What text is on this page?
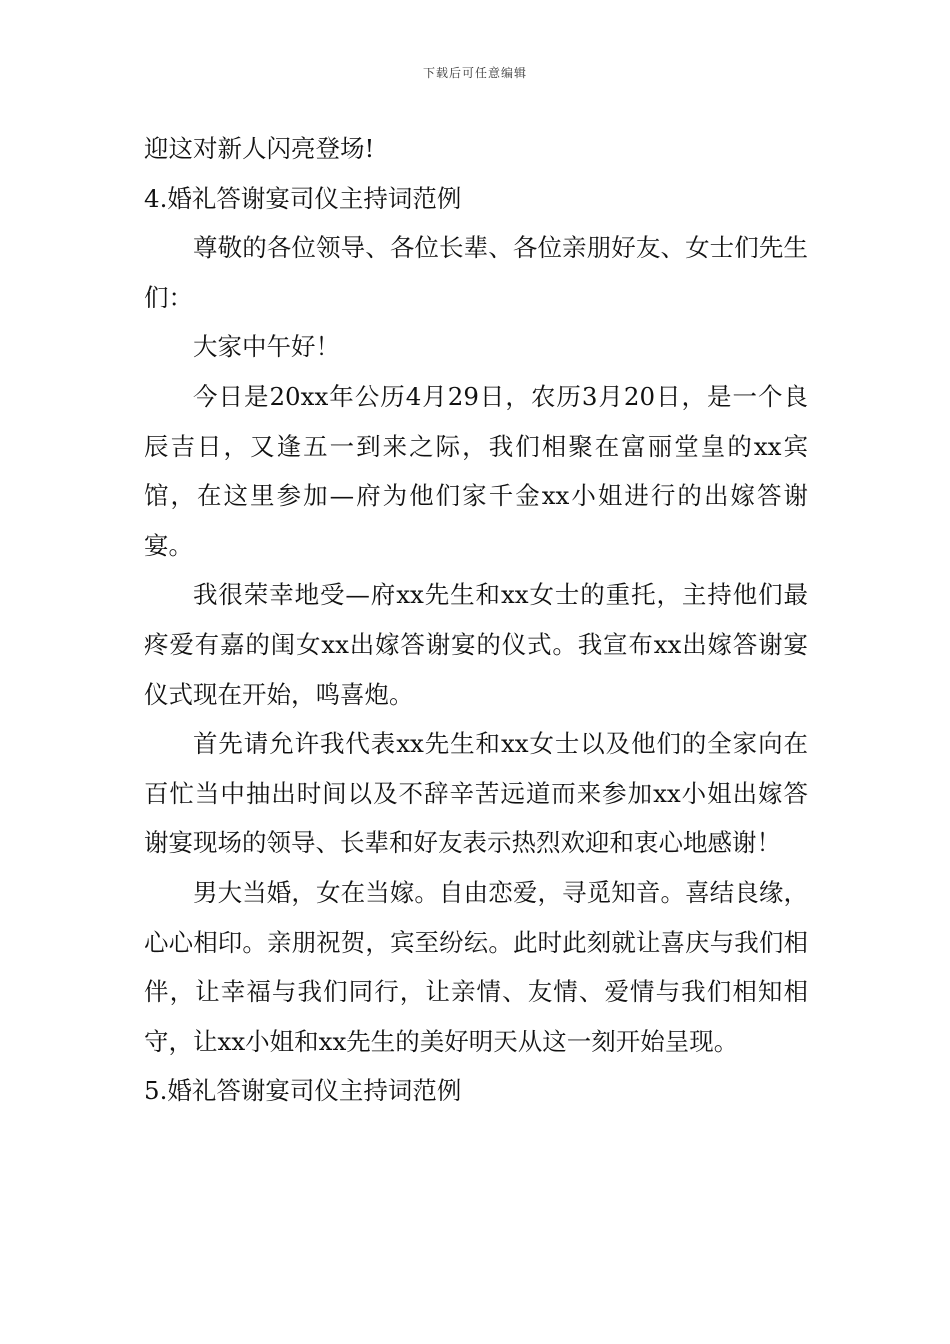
下载后可任意编辑

迎这对新人闪亮登场!

4.婚礼答谢宴司仪主持词范例

尊敬的各位领导、各位长辈、各位亲朋好友、女士们先生们：

大家中午好！

今日是20xx年公历4月29日，农历3月20日，是一个良辰吉日，又逢五一到来之际，我们相聚在富丽堂皇的xx宾馆，在这里参加—府为他们家千金xx小姐进行的出嫁答谢宴。

我很荣幸地受—府xx先生和xx女士的重托，主持他们最疼爱有嘉的闺女xx出嫁答谢宴的仪式。我宣布xx出嫁答谢宴仪式现在开始，鸣喜炮。

首先请允许我代表xx先生和xx女士以及他们的全家向在百忙当中抽出时间以及不辞辛苦远道而来参加xx小姐出嫁答谢宴现场的领导、长辈和好友表示热烈欢迎和衷心地感谢！

男大当婚，女在当嫁。自由恋爱，寻觅知音。喜结良缘，心心相印。亲朋祝贺，宾至纷纭。此时此刻就让喜庆与我们相伴，让幸福与我们同行，让亲情、友情、爱情与我们相知相守，让xx小姐和xx先生的美好明天从这一刻开始呈现。

5.婚礼答谢宴司仪主持词范例
